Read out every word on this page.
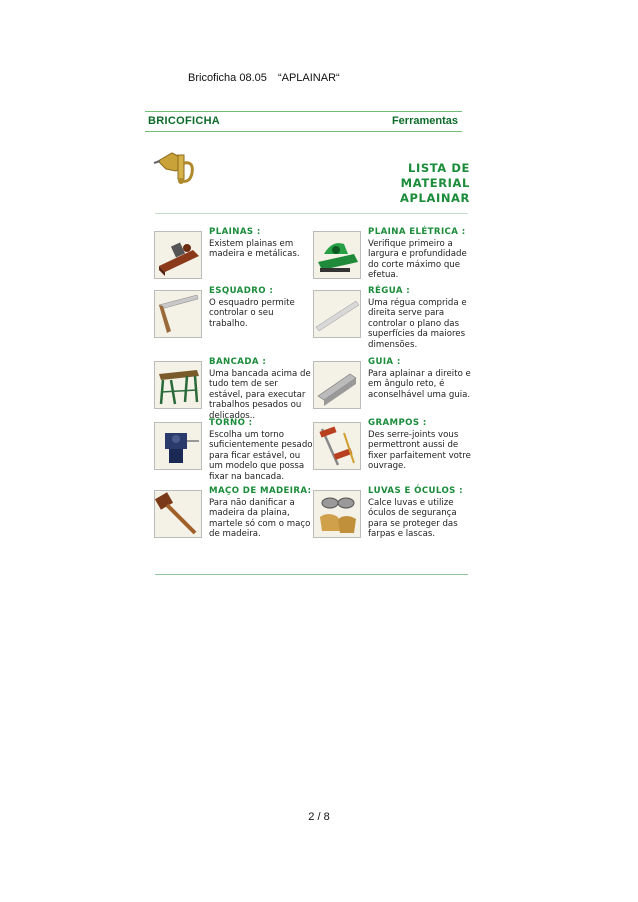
Bricoficha 08.05 “APLAINAR“
BRICOFICHA	Ferramentas
LISTA DE MATERIAL
APLAINAR
PLAINAS :
Existem plainas em madeira e metálicas.
PLAINA ELÉTRICA :
Verifique primeiro a largura e profundidade do corte máximo que efetua.
ESQUADRO :
O esquadro permite controlar o seu trabalho.
RÉGUA :
Uma régua comprida e direita serve para controlar o plano das superfícies da maiores dimensões.
BANCADA :
Uma bancada acima de tudo tem de ser estável, para executar trabalhos pesados ou delicados..
GUIA :
Para aplainar a direito e em ângulo reto, é aconselhável uma guia.
TORNO :
Escolha um torno suficientemente pesado para ficar estável, ou um modelo que possa fixar na bancada.
GRAMPOS :
Des serre-joints vous permettront aussi de fixer parfaitement votre ouvrage.
MAÇO DE MADEIRA:
Para não danificar a madeira da plaina, martele só com o maço de madeira.
LUVAS E ÓCULOS :
Calce luvas e utilize óculos de segurança para se proteger das farpas e lascas.
2 / 8
